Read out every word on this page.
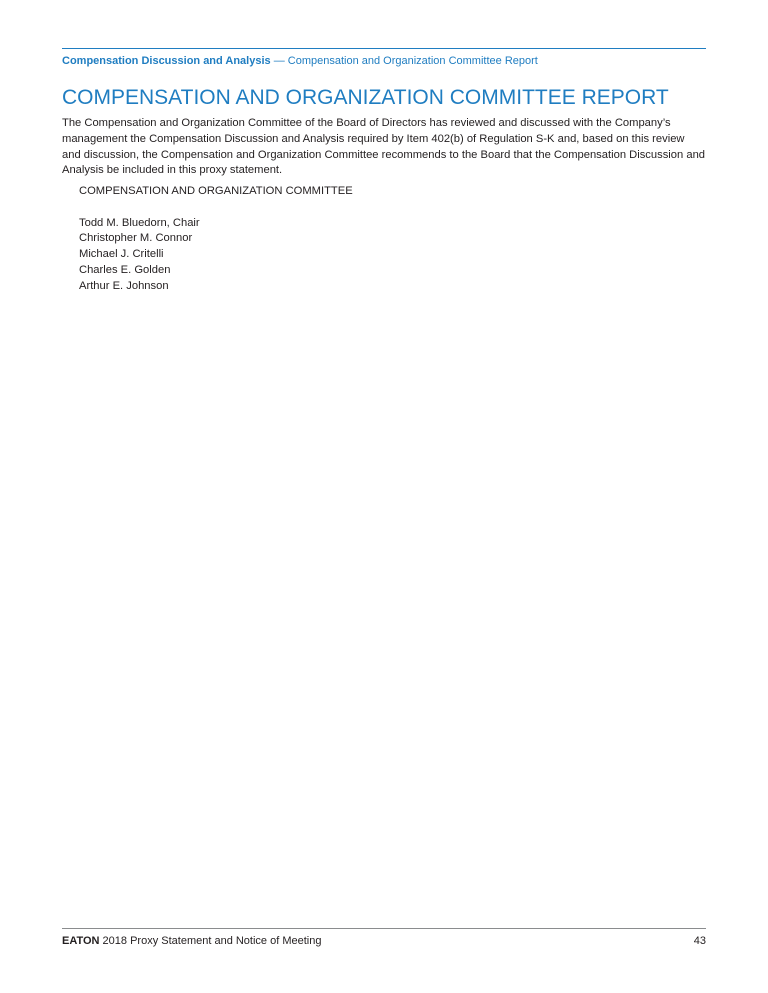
Compensation Discussion and Analysis — Compensation and Organization Committee Report
COMPENSATION AND ORGANIZATION COMMITTEE REPORT

The Compensation and Organization Committee of the Board of Directors has reviewed and discussed with the Company’s management the Compensation Discussion and Analysis required by Item 402(b) of Regulation S-K and, based on this review and discussion, the Compensation and Organization Committee recommends to the Board that the Compensation Discussion and Analysis be included in this proxy statement.

COMPENSATION AND ORGANIZATION COMMITTEE

Todd M. Bluedorn, Chair

Christopher M. Connor

Michael J. Critelli

Charles E. Golden

Arthur E. Johnson

EATON 2018 Proxy Statement and Notice of Meeting	43
